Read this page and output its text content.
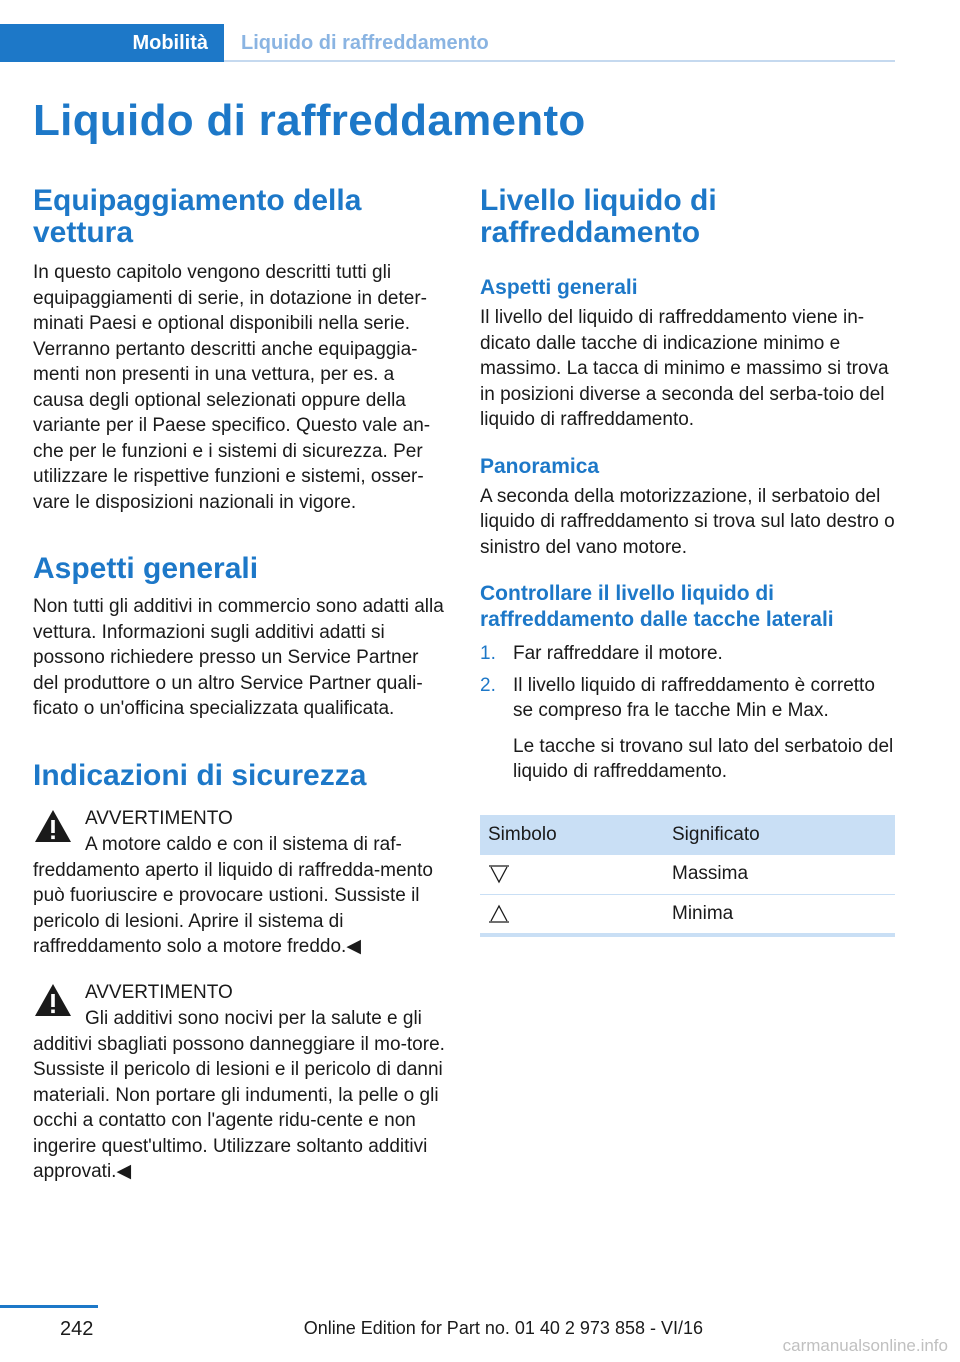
Mobilità	Liquido di raffreddamento
Liquido di raffreddamento
Equipaggiamento della vettura

In questo capitolo vengono descritti tutti gli equipaggiamenti di serie, in dotazione in deter‐minati Paesi e optional disponibili nella serie. Verranno pertanto descritti anche equipaggia‐menti non presenti in una vettura, per es. a causa degli optional selezionati oppure della variante per il Paese specifico. Questo vale an‐che per le funzioni e i sistemi di sicurezza. Per utilizzare le rispettive funzioni e sistemi, osser‐vare le disposizioni nazionali in vigore.

Aspetti generali

Non tutti gli additivi in commercio sono adatti alla vettura. Informazioni sugli additivi adatti si possono richiedere presso un Service Partner del produttore o un altro Service Partner quali‐ficato o un'officina specializzata qualificata.

Indicazioni di sicurezza
AVVERTIMENTO
A motore caldo e con il sistema di raf‐

freddamento aperto il liquido di raffredda‐mento può fuoriuscire e provocare ustioni. Sussiste il pericolo di lesioni. Aprire il sistema di raffreddamento solo a motore freddo.◀

AVVERTIMENTO
Gli additivi sono nocivi per la salute e gli

additivi sbagliati possono danneggiare il mo‐tore. Sussiste il pericolo di lesioni e il pericolo di danni materiali. Non portare gli indumenti, la pelle o gli occhi a contatto con l'agente ridu‐cente e non ingerire quest'ultimo. Utilizzare soltanto additivi approvati.◀

Livello liquido di raffreddamento
Aspetti generali

Il livello del liquido di raffreddamento viene in‐dicato dalle tacche di indicazione minimo e massimo. La tacca di minimo e massimo si trova in posizioni diverse a seconda del serba‐toio del liquido di raffreddamento.

Panoramica

A seconda della motorizzazione, il serbatoio del liquido di raffreddamento si trova sul lato destro o sinistro del vano motore.

Controllare il livello liquido di raffreddamento dalle tacche laterali
1. Far raffreddare il motore.
2. Il livello liquido di raffreddamento è corretto se compreso fra le tacche Min e Max.

Le tacche si trovano sul lato del serbatoio del liquido di raffreddamento.

Simbolo	Significato

	Massima

	Minima
242	Online Edition for Part no. 01 40 2 973 858 - VI/16
carmanualsonline.info
